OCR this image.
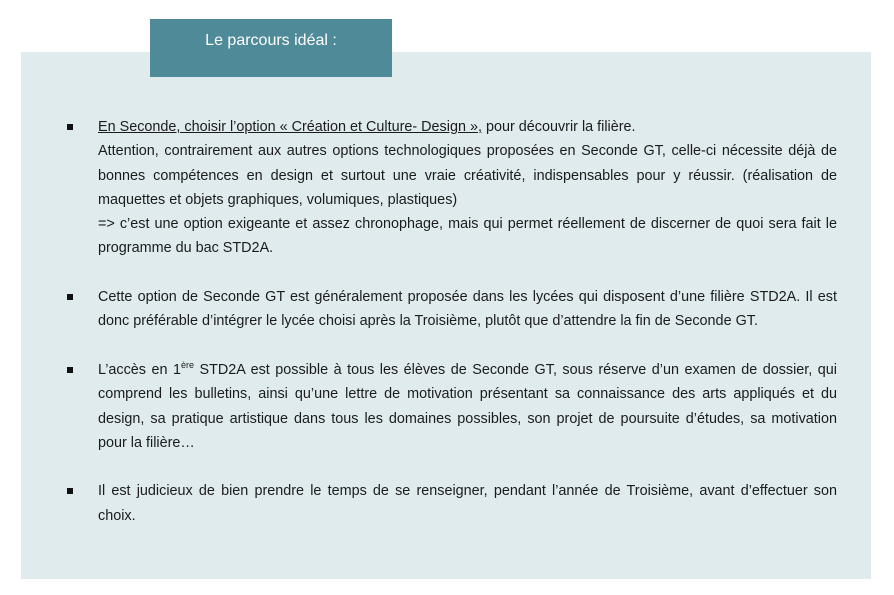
Le parcours idéal :
En Seconde, choisir l’option « Création et Culture- Design », pour découvrir la filière.
Attention, contrairement aux autres options technologiques proposées en Seconde GT, celle-ci nécessite déjà de bonnes compétences en design et surtout une vraie créativité, indispensables pour y réussir. (réalisation de maquettes et objets graphiques, volumiques, plastiques)
=> c’est une option exigeante et assez chronophage, mais qui permet réellement de discerner de quoi sera fait le programme du bac STD2A.
Cette option de Seconde GT est généralement proposée dans les lycées qui disposent d’une filière STD2A. Il est donc préférable d’intégrer le lycée choisi après la Troisième, plutôt que d’attendre la fin de Seconde GT.
L’accès en 1ère STD2A est possible à tous les élèves de Seconde GT, sous réserve d’un examen de dossier, qui comprend les bulletins, ainsi qu’une lettre de motivation présentant sa connaissance des arts appliqués et du design, sa pratique artistique dans tous les domaines possibles, son projet de poursuite d’études, sa motivation pour la filière…
Il est judicieux de bien prendre le temps de se renseigner, pendant l’année de Troisième, avant d’effectuer son choix.
